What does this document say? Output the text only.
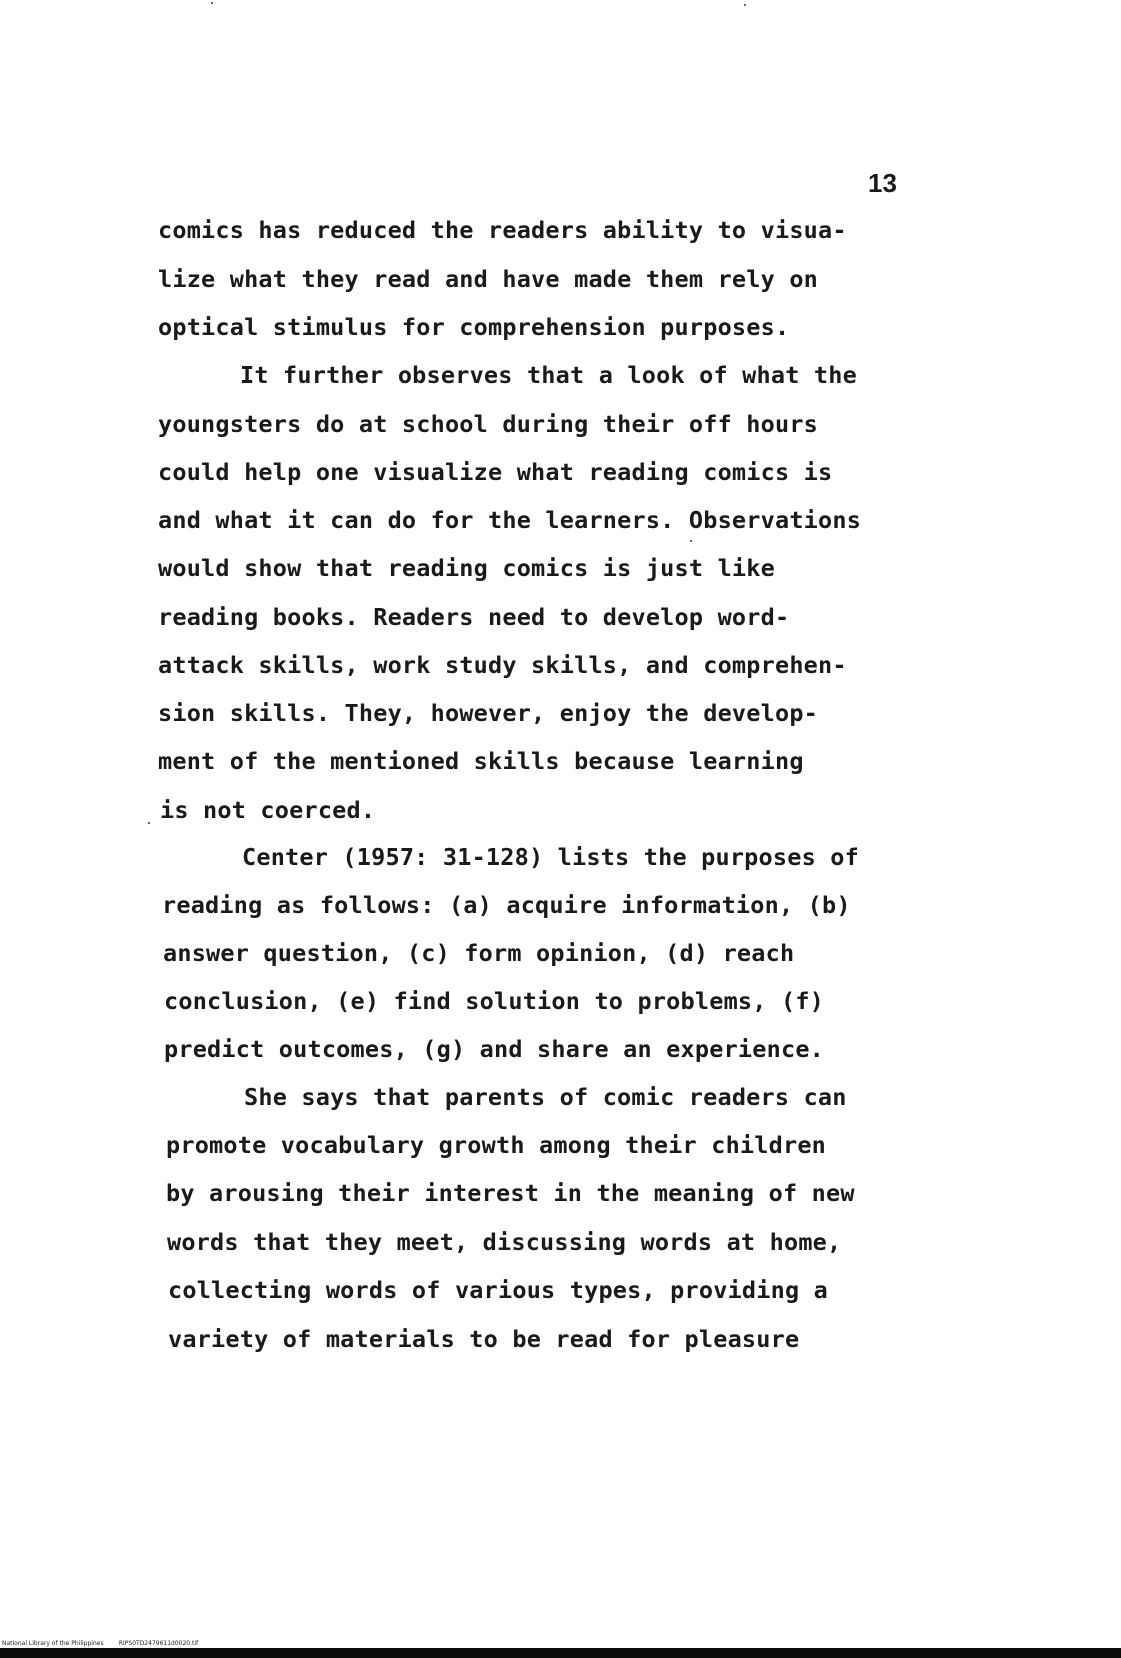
13
comics has reduced the readers ability to visua-
lize what they read and have made them rely on
optical stimulus for comprehension purposes.
It further observes that a look of what the
youngsters do at school during their off hours
could help one visualize what reading comics is
and what it can do for the learners. Observations
would show that reading comics is just like
reading books. Readers need to develop word-
attack skills, work study skills, and comprehen-
sion skills. They, however, enjoy the develop-
ment of the mentioned skills because learning
is not coerced.
Center (1957: 31-128) lists the purposes of
reading as follows: (a) acquire information, (b)
answer question, (c) form opinion, (d) reach
conclusion, (e) find solution to problems, (f)
predict outcomes, (g) and share an experience.
She says that parents of comic readers can
promote vocabulary growth among their children
by arousing their interest in the meaning of new
words that they meet, discussing words at home,
collecting words of various types, providing a
variety of materials to be read for pleasure
National Library of the Philippines	RIPS0TD2479611d0020.tif
